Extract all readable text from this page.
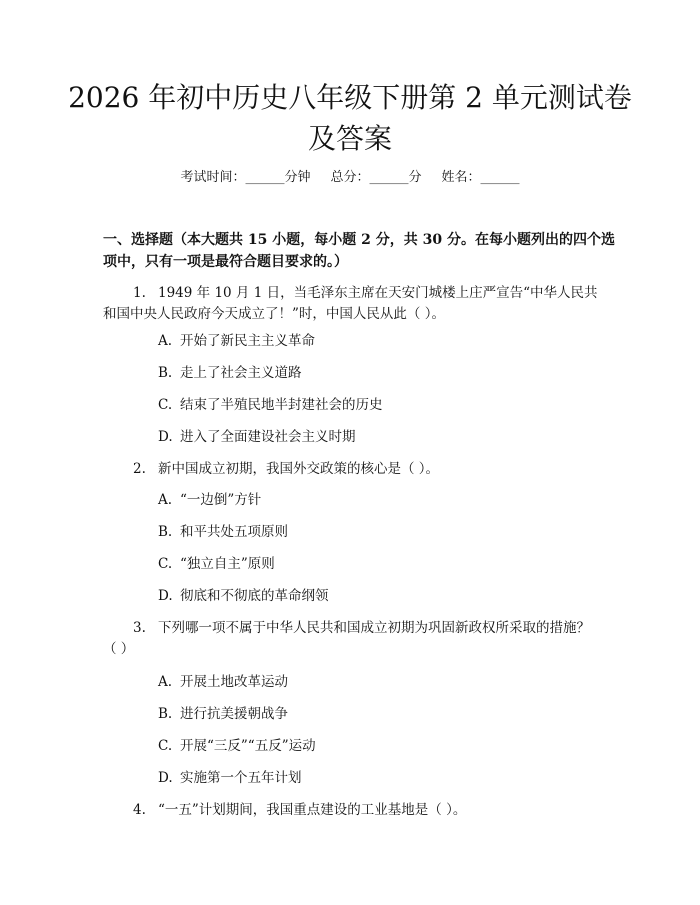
2026 年初中历史八年级下册第 2 单元测试卷
及答案
考试时间：______分钟 总分：______分 姓名：______
一、选择题（本大题共 15 小题，每小题 2 分，共 30 分。在每小题列出的四个选
项中，只有一项是最符合题目要求的。）
1. 1949 年 10 月 1 日，当毛泽东主席在天安门城楼上庄严宣告“中华人民共
和国中央人民政府今天成立了！”时，中国人民从此（ ）。
A. 开始了新民主主义革命
B. 走上了社会主义道路
C. 结束了半殖民地半封建社会的历史
D. 进入了全面建设社会主义时期
2. 新中国成立初期，我国外交政策的核心是（ ）。
A. “一边倒”方针
B. 和平共处五项原则
C. “独立自主”原则
D. 彻底和不彻底的革命纲领
3. 下列哪一项不属于中华人民共和国成立初期为巩固新政权所采取的措施？
（ ）
A. 开展土地改革运动
B. 进行抗美援朝战争
C. 开展“三反”“五反”运动
D. 实施第一个五年计划
4. “一五”计划期间，我国重点建设的工业基地是（ ）。
